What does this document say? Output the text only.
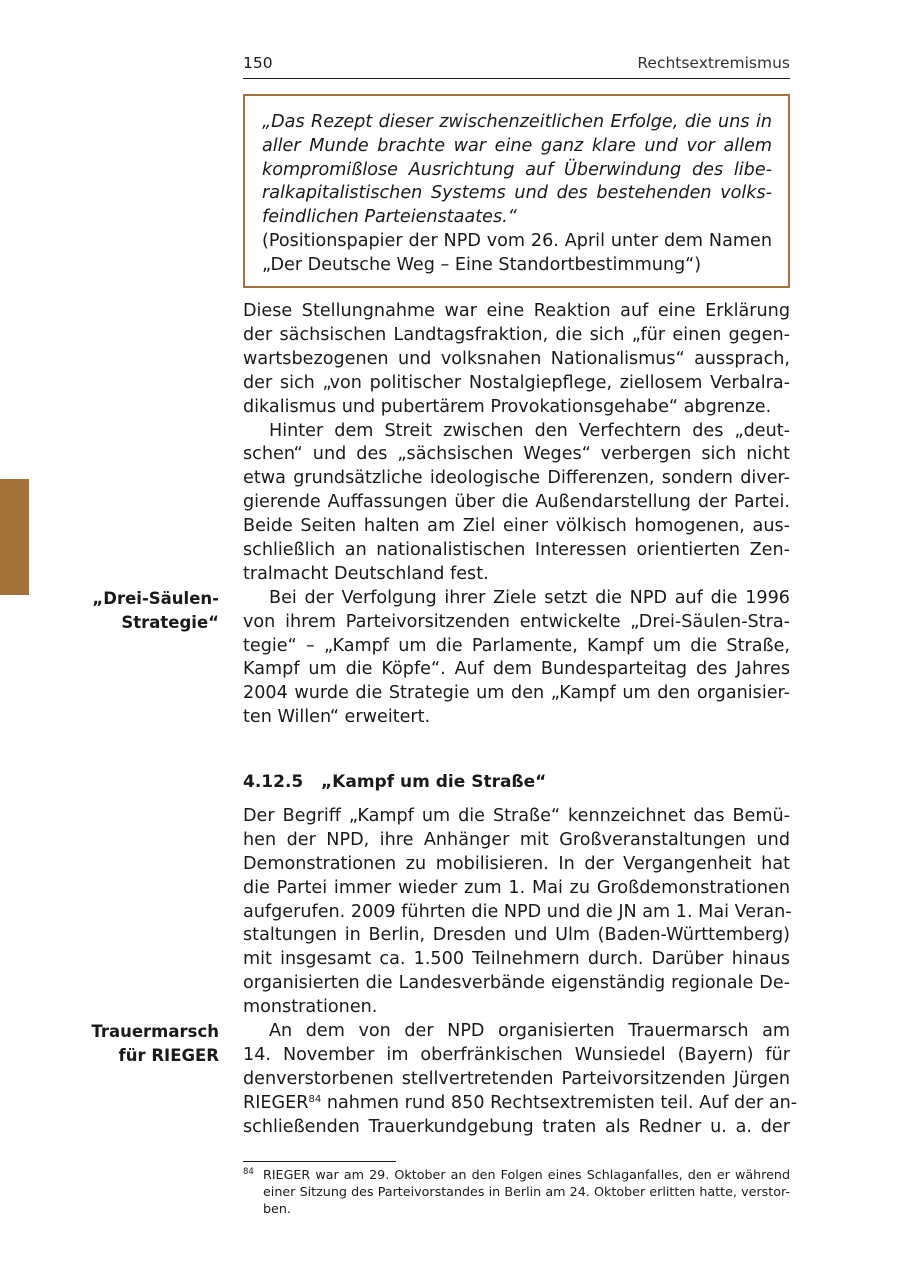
150	Rechtsextremismus
„Das Rezept dieser zwischenzeitlichen Erfolge, die uns in
aller Munde brachte war eine ganz klare und vor allem
kompromißlose Ausrichtung auf Überwindung des libe-
ralkapitalistischen Systems und des bestehenden volks-
feindlichen Parteienstaates.“
(Positionspapier der NPD vom 26. April unter dem Namen
„Der Deutsche Weg – Eine Standortbestimmung“)
Diese Stellungnahme war eine Reaktion auf eine Erklärung
der sächsischen Landtagsfraktion, die sich „für einen gegen-
wartsbezogenen und volksnahen Nationalismus“ aussprach,
der sich „von politischer Nostalgiepflege, ziellosem Verbalra-
dikalismus und pubertärem Provokationsgehabe“ abgrenze.
Hinter dem Streit zwischen den Verfechtern des „deut-
schen“ und des „sächsischen Weges“ verbergen sich nicht
etwa grundsätzliche ideologische Differenzen, sondern diver-
gierende Auffassungen über die Außendarstellung der Partei.
Beide Seiten halten am Ziel einer völkisch homogenen, aus-
schließlich an nationalistischen Interessen orientierten Zen-
tralmacht Deutschland fest.
„Drei-Säulen-
Strategie“
Bei der Verfolgung ihrer Ziele setzt die NPD auf die 1996
von ihrem Parteivorsitzenden entwickelte „Drei-Säulen-Stra-
tegie“ – „Kampf um die Parlamente, Kampf um die Straße,
Kampf um die Köpfe“. Auf dem Bundesparteitag des Jahres
2004 wurde die Strategie um den „Kampf um den organisier-
ten Willen“ erweitert.
4.12.5 „Kampf um die Straße“
Der Begriff „Kampf um die Straße“ kennzeichnet das Bemü-
hen der NPD, ihre Anhänger mit Großveranstaltungen und
Demonstrationen zu mobilisieren. In der Vergangenheit hat
die Partei immer wieder zum 1. Mai zu Großdemonstrationen
aufgerufen. 2009 führten die NPD und die JN am 1. Mai Veran-
staltungen in Berlin, Dresden und Ulm (Baden-Württemberg)
mit insgesamt ca. 1.500 Teilnehmern durch. Darüber hinaus
organisierten die Landesverbände eigenständig regionale De-
monstrationen.
Trauermarsch
für RIEGER
An dem von der NPD organisierten Trauermarsch am
14. November im oberfränkischen Wunsiedel (Bayern) für
denverstorbenen stellvertretenden Parteivorsitzenden Jürgen
RIEGER$^{84}$ nahmen rund 850 Rechtsextremisten teil. Auf der an-
schließenden Trauerkundgebung traten als Redner u. a. der
84 RIEGER war am 29. Oktober an den Folgen eines Schlaganfalles, den er während
einer Sitzung des Parteivorstandes in Berlin am 24. Oktober erlitten hatte, verstor-
ben.
